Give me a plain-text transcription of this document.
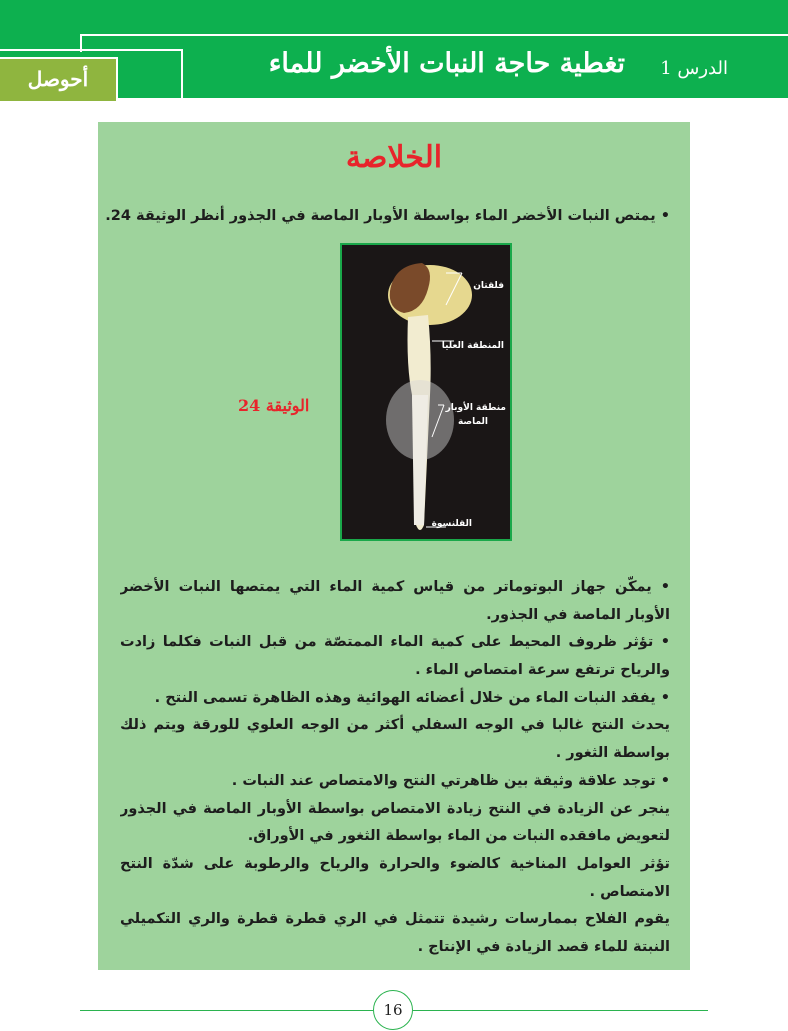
أحوصل	تغطية حاجة النبات الأخضر للماء الدرس 1
الخلاصة
• يمتص النبات الأخضر الماء بواسطة الأوبار الماصة في الجذور أنظر الوثيقة 24.
الوثيقة 24
فلقتان
المنطقة العليا
منطقة الأوبار
الماصة
القلنسوة
• يمكّن جهاز البوتوماتر من قياس كمية الماء التي يمتصها النبات الأخضر
الأوبار الماصة في الجذور.
• تؤثر ظروف المحيط على كمية الماء الممتصّة من قبل النبات فكلما زادت
والرياح ترتفع سرعة امتصاص الماء .
• يفقد النبات الماء من خلال أعضائه الهوائية وهذه الظاهرة تسمى النتح .
يحدث النتح غالبا في الوجه السفلي أكثر من الوجه العلوي للورقة ويتم ذلك
بواسطة الثغور .
• توجد علاقة وثيقة بين ظاهرتي النتح والامتصاص عند النبات .
ينجر عن الزيادة في النتح زيادة الامتصاص بواسطة الأوبار الماصة في الجذور
لتعويض مافقده النبات من الماء بواسطة الثغور في الأوراق.
تؤثر العوامل المناخية كالضوء والحرارة والرياح والرطوبة على شدّة النتح
الامتصاص .
يقوم الفلاح بممارسات رشيدة تتمثل في الري قطرة قطرة والري التكميلي
النبتة للماء قصد الزيادة في الإنتاج .
16
